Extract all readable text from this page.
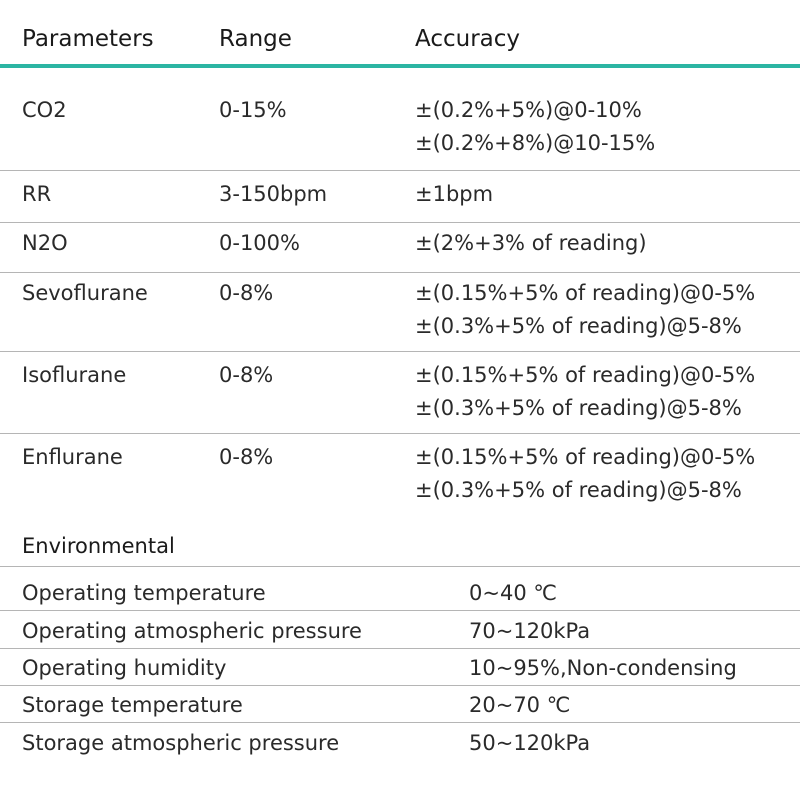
Parameters	Range	Accuracy
CO2	0-15%	±(0.2%+5%)@0-10%
±(0.2%+8%)@10-15%
RR	3-150bpm	±1bpm
N2O	0-100%	±(2%+3% of reading)
Sevoflurane	0-8%	±(0.15%+5% of reading)@0-5%
±(0.3%+5% of reading)@5-8%
Isoflurane	0-8%	±(0.15%+5% of reading)@0-5%
±(0.3%+5% of reading)@5-8%
Enflurane	0-8%	±(0.15%+5% of reading)@0-5%
±(0.3%+5% of reading)@5-8%
Environmental
Operating temperature	0~40 ℃
Operating atmospheric pressure	70~120kPa
Operating humidity	10~95%,Non-condensing
Storage temperature	20~70 ℃
Storage atmospheric pressure	50~120kPa
